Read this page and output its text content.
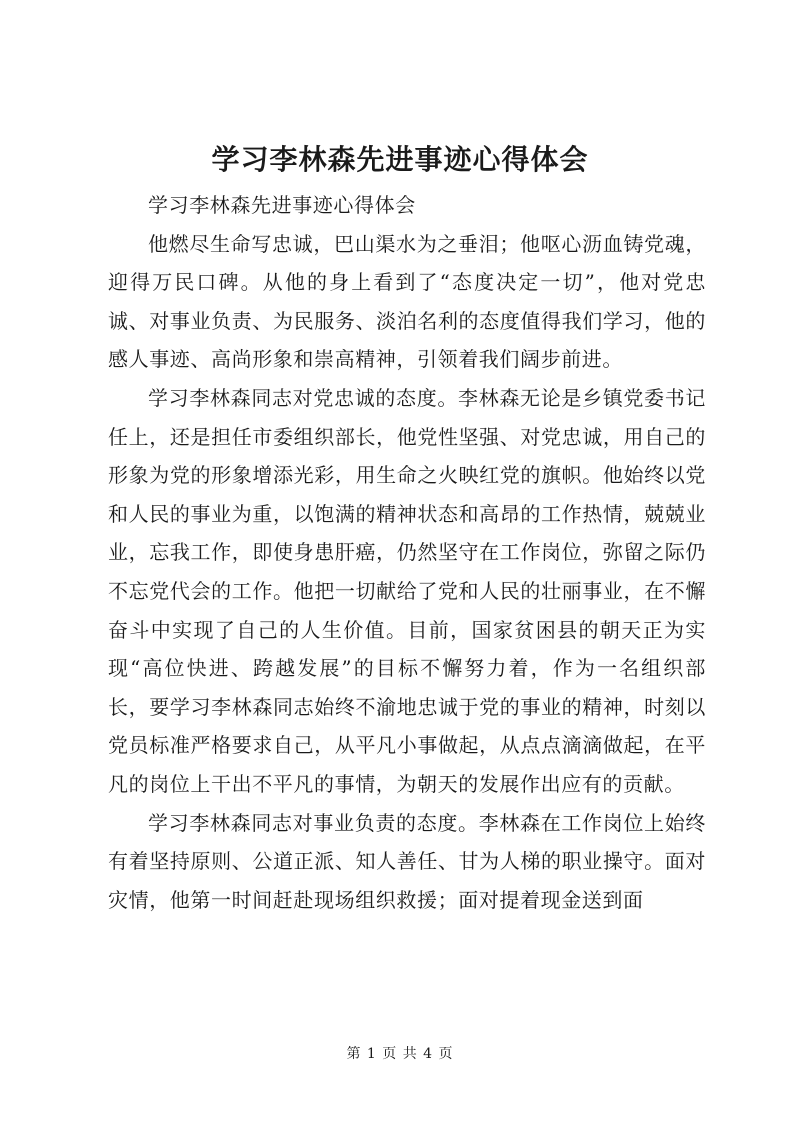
学习李林森先进事迹心得体会

学习李林森先进事迹心得体会

他燃尽生命写忠诚，巴山渠水为之垂泪；他呕心沥血铸党魂，迎得万民口碑。从他的身上看到了“态度决定一切”，他对党忠诚、对事业负责、为民服务、淡泊名利的态度值得我们学习，他的感人事迹、高尚形象和崇高精神，引领着我们阔步前进。

学习李林森同志对党忠诚的态度。李林森无论是乡镇党委书记任上，还是担任市委组织部长，他党性坚强、对党忠诚，用自己的形象为党的形象增添光彩，用生命之火映红党的旗帜。他始终以党和人民的事业为重，以饱满的精神状态和高昂的工作热情，兢兢业业，忘我工作，即使身患肝癌，仍然坚守在工作岗位，弥留之际仍不忘党代会的工作。他把一切献给了党和人民的壮丽事业，在不懈奋斗中实现了自己的人生价值。目前，国家贫困县的朝天正为实现“高位快进、跨越发展”的目标不懈努力着，作为一名组织部长，要学习李林森同志始终不渝地忠诚于党的事业的精神，时刻以党员标准严格要求自己，从平凡小事做起，从点点滴滴做起，在平凡的岗位上干出不平凡的事情，为朝天的发展作出应有的贡献。

学习李林森同志对事业负责的态度。李林森在工作岗位上始终有着坚持原则、公道正派、知人善任、甘为人梯的职业操守。面对灾情，他第一时间赶赴现场组织救援；面对提着现金送到面

第 1 页 共 4 页
